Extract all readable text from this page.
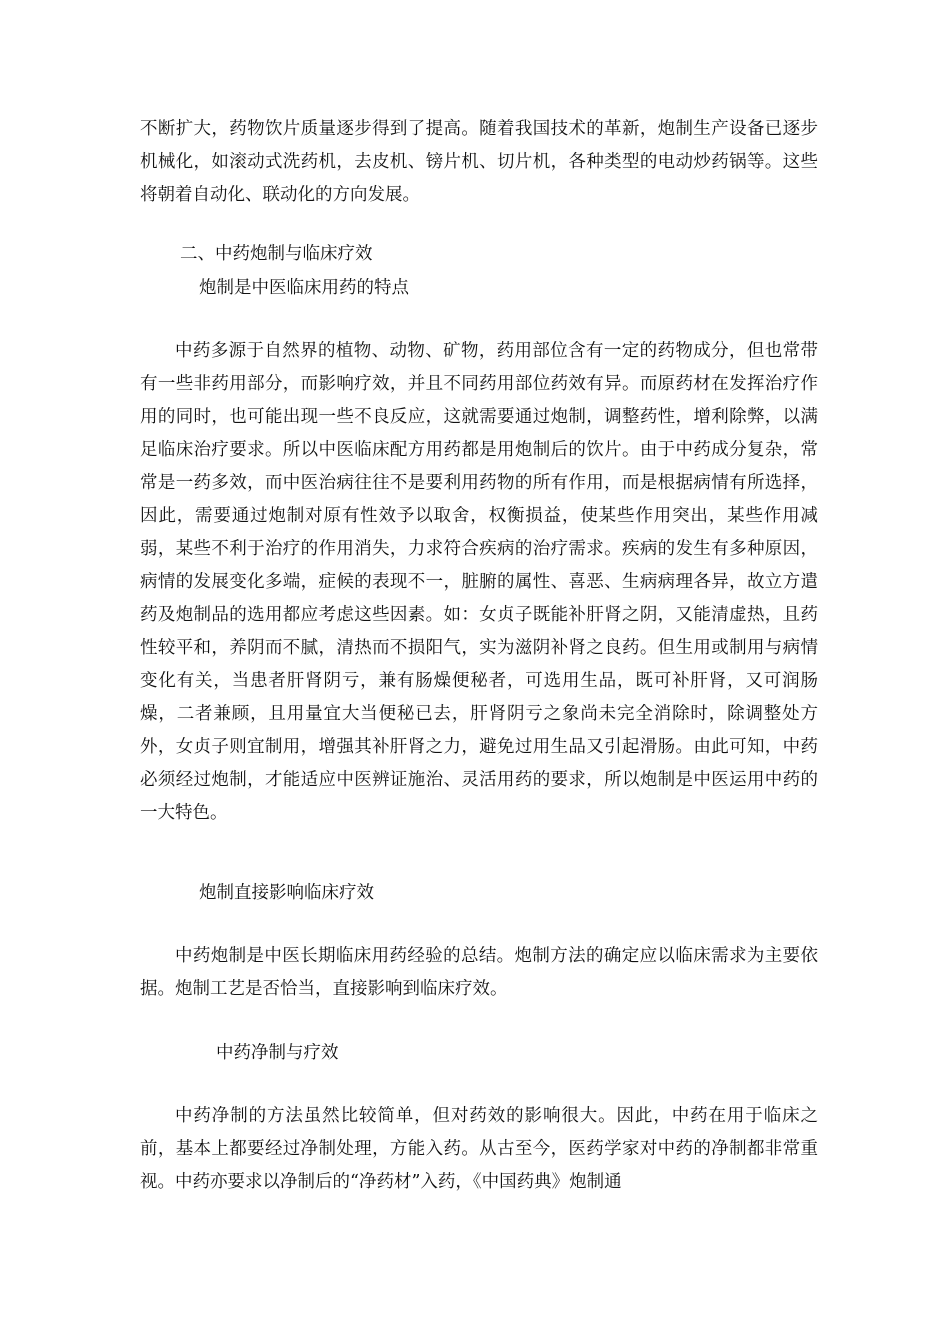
不断扩大，药物饮片质量逐步得到了提高。随着我国技术的革新，炮制生产设备已逐步机械化，如滚动式洗药机，去皮机、镑片机、切片机，各种类型的电动炒药锅等。这些将朝着自动化、联动化的方向发展。

二、中药炮制与临床疗效

炮制是中医临床用药的特点

中药多源于自然界的植物、动物、矿物，药用部位含有一定的药物成分，但也常带有一些非药用部分，而影响疗效，并且不同药用部位药效有异。而原药材在发挥治疗作用的同时，也可能出现一些不良反应，这就需要通过炮制，调整药性，增利除弊，以满足临床治疗要求。所以中医临床配方用药都是用炮制后的饮片。由于中药成分复杂，常常是一药多效，而中医治病往往不是要利用药物的所有作用，而是根据病情有所选择，因此，需要通过炮制对原有性效予以取舍，权衡损益，使某些作用突出，某些作用减弱，某些不利于治疗的作用消失，力求符合疾病的治疗需求。疾病的发生有多种原因，病情的发展变化多端，症候的表现不一，脏腑的属性、喜恶、生病病理各异，故立方遣药及炮制品的选用都应考虑这些因素。如：女贞子既能补肝肾之阴，又能清虚热，且药性较平和，养阴而不腻，清热而不损阳气，实为滋阴补肾之良药。但生用或制用与病情变化有关，当患者肝肾阴亏，兼有肠燥便秘者，可选用生品，既可补肝肾，又可润肠燥，二者兼顾，且用量宜大当便秘已去，肝肾阴亏之象尚未完全消除时，除调整处方外，女贞子则宜制用，增强其补肝肾之力，避免过用生品又引起滑肠。由此可知，中药必须经过炮制，才能适应中医辨证施治、灵活用药的要求，所以炮制是中医运用中药的一大特色。

炮制直接影响临床疗效

中药炮制是中医长期临床用药经验的总结。炮制方法的确定应以临床需求为主要依据。炮制工艺是否恰当，直接影响到临床疗效。

中药净制与疗效

中药净制的方法虽然比较简单，但对药效的影响很大。因此，中药在用于临床之前，基本上都要经过净制处理，方能入药。从古至今，医药学家对中药的净制都非常重视。中药亦要求以净制后的“净药材”入药，《中国药典》炮制通
